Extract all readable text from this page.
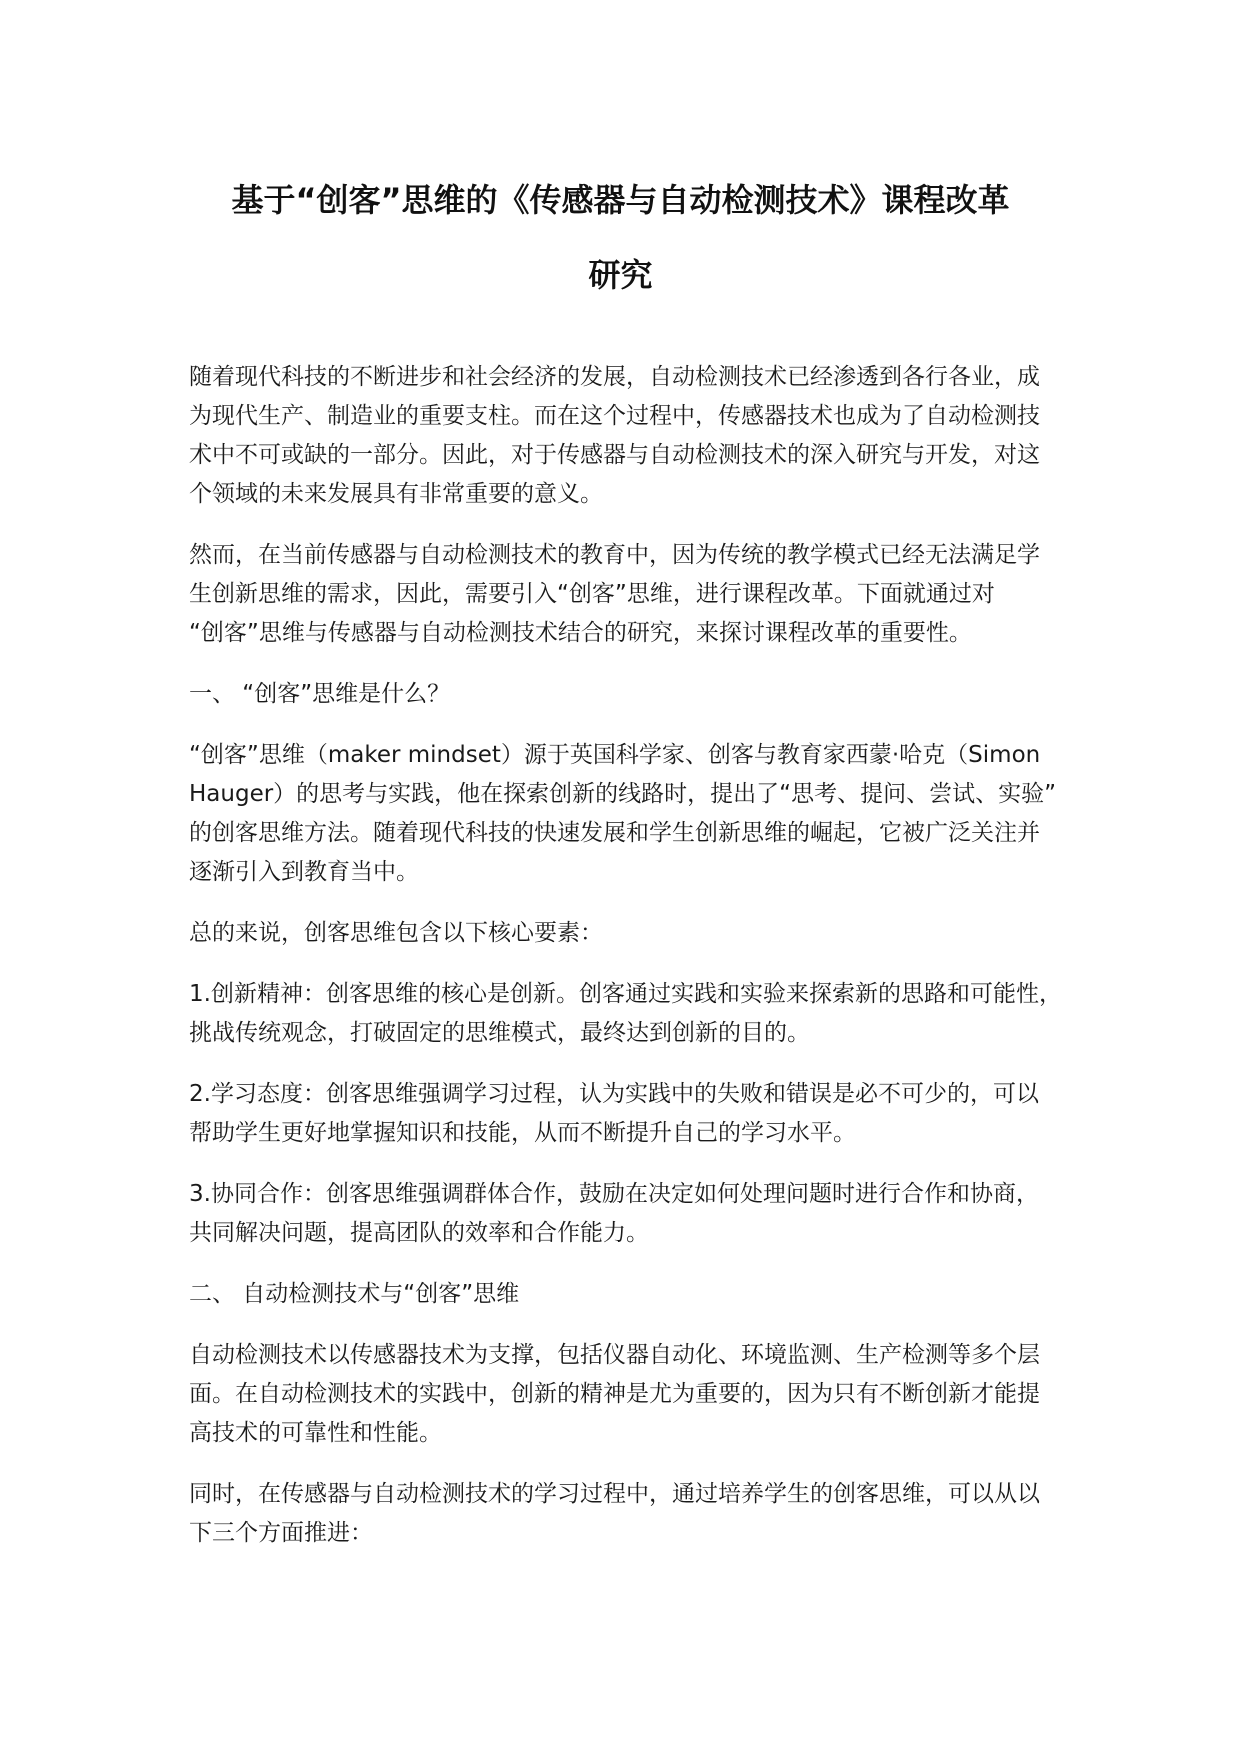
基于“创客”思维的《传感器与自动检测技术》课程改革
研究

随着现代科技的不断进步和社会经济的发展，自动检测技术已经渗透到各行各业，成
为现代生产、制造业的重要支柱。而在这个过程中，传感器技术也成为了自动检测技
术中不可或缺的一部分。因此，对于传感器与自动检测技术的深入研究与开发，对这
个领域的未来发展具有非常重要的意义。

然而，在当前传感器与自动检测技术的教育中，因为传统的教学模式已经无法满足学
生创新思维的需求，因此，需要引入“创客”思维，进行课程改革。下面就通过对
“创客”思维与传感器与自动检测技术结合的研究，来探讨课程改革的重要性。

一、 “创客”思维是什么？

“创客”思维（maker mindset）源于英国科学家、创客与教育家西蒙·哈克（Simon
Hauger）的思考与实践，他在探索创新的线路时，提出了“思考、提问、尝试、实验”
的创客思维方法。随着现代科技的快速发展和学生创新思维的崛起，它被广泛关注并
逐渐引入到教育当中。

总的来说，创客思维包含以下核心要素：

1.创新精神：创客思维的核心是创新。创客通过实践和实验来探索新的思路和可能性，
挑战传统观念，打破固定的思维模式，最终达到创新的目的。

2.学习态度：创客思维强调学习过程，认为实践中的失败和错误是必不可少的，可以
帮助学生更好地掌握知识和技能，从而不断提升自己的学习水平。

3.协同合作：创客思维强调群体合作，鼓励在决定如何处理问题时进行合作和协商，
共同解决问题，提高团队的效率和合作能力。

二、 自动检测技术与“创客”思维

自动检测技术以传感器技术为支撑，包括仪器自动化、环境监测、生产检测等多个层
面。在自动检测技术的实践中，创新的精神是尤为重要的，因为只有不断创新才能提
高技术的可靠性和性能。

同时，在传感器与自动检测技术的学习过程中，通过培养学生的创客思维，可以从以
下三个方面推进：
